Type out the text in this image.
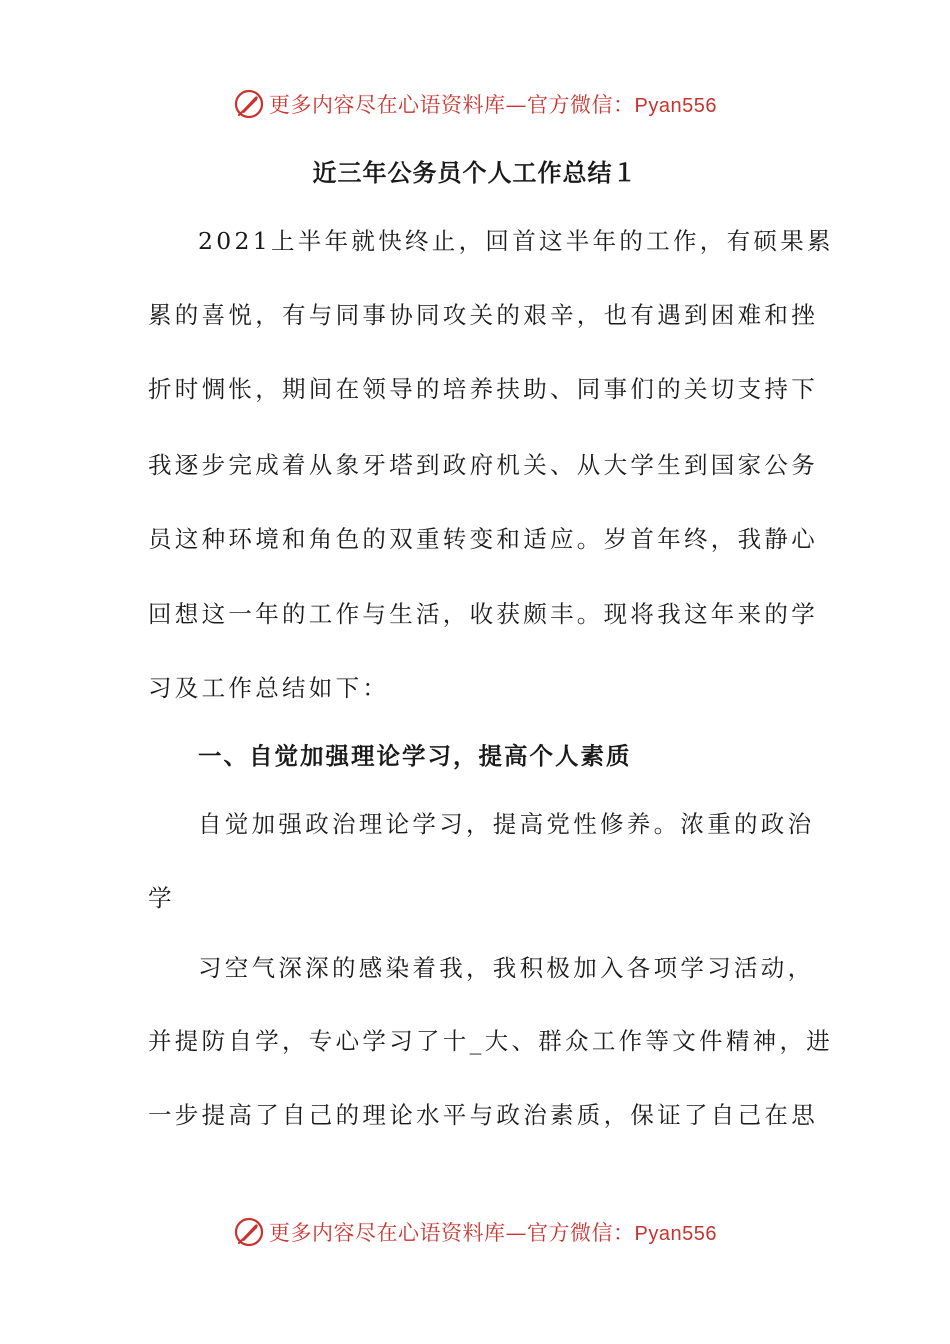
更多内容尽在心语资料库—官方微信：Pyan556
近三年公务员个人工作总结１
2021上半年就快终止，回首这半年的工作，有硕果累
累的喜悦，有与同事协同攻关的艰辛，也有遇到困难和挫
折时惆怅，期间在领导的培养扶助、同事们的关切支持下
我逐步完成着从象牙塔到政府机关、从大学生到国家公务
员这种环境和角色的双重转变和适应。岁首年终，我静心
回想这一年的工作与生活，收获颇丰。现将我这年来的学
习及工作总结如下：
一、自觉加强理论学习，提高个人素质
自觉加强政治理论学习，提高党性修养。浓重的政治
学
习空气深深的感染着我，我积极加入各项学习活动，
并提防自学，专心学习了十_大、群众工作等文件精神，进
一步提高了自己的理论水平与政治素质，保证了自己在思
更多内容尽在心语资料库—官方微信：Pyan556
